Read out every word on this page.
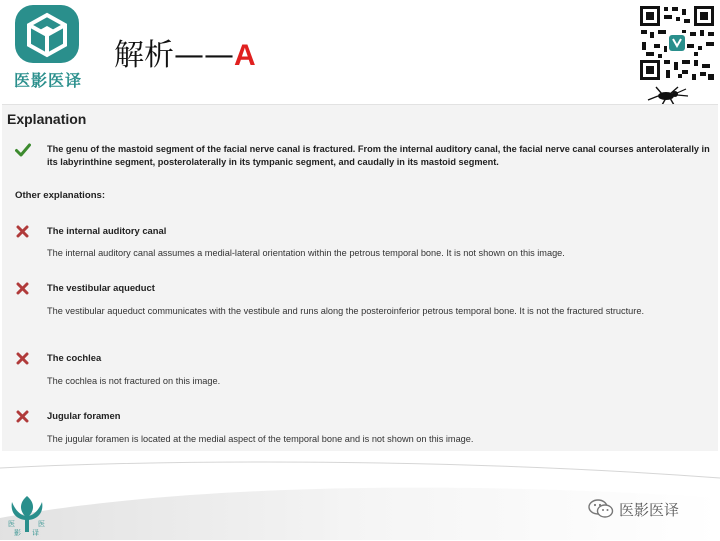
医影医译
解析——A
Explanation
The genu of the mastoid segment of the facial nerve canal is fractured. From the internal auditory canal, the facial nerve canal courses anterolaterally in its labyrinthine segment, posterolaterally in its tympanic segment, and caudally in its mastoid segment.
Other explanations:
The internal auditory canal
The internal auditory canal assumes a medial-lateral orientation within the petrous temporal bone. It is not shown on this image.
The vestibular aqueduct
The vestibular aqueduct communicates with the vestibule and runs along the posteroinferior petrous temporal bone. It is not the fractured structure.
The cochlea
The cochlea is not fractured on this image.
Jugular foramen
The jugular foramen is located at the medial aspect of the temporal bone and is not shown on this image.
医	医
影 译
医影医译
